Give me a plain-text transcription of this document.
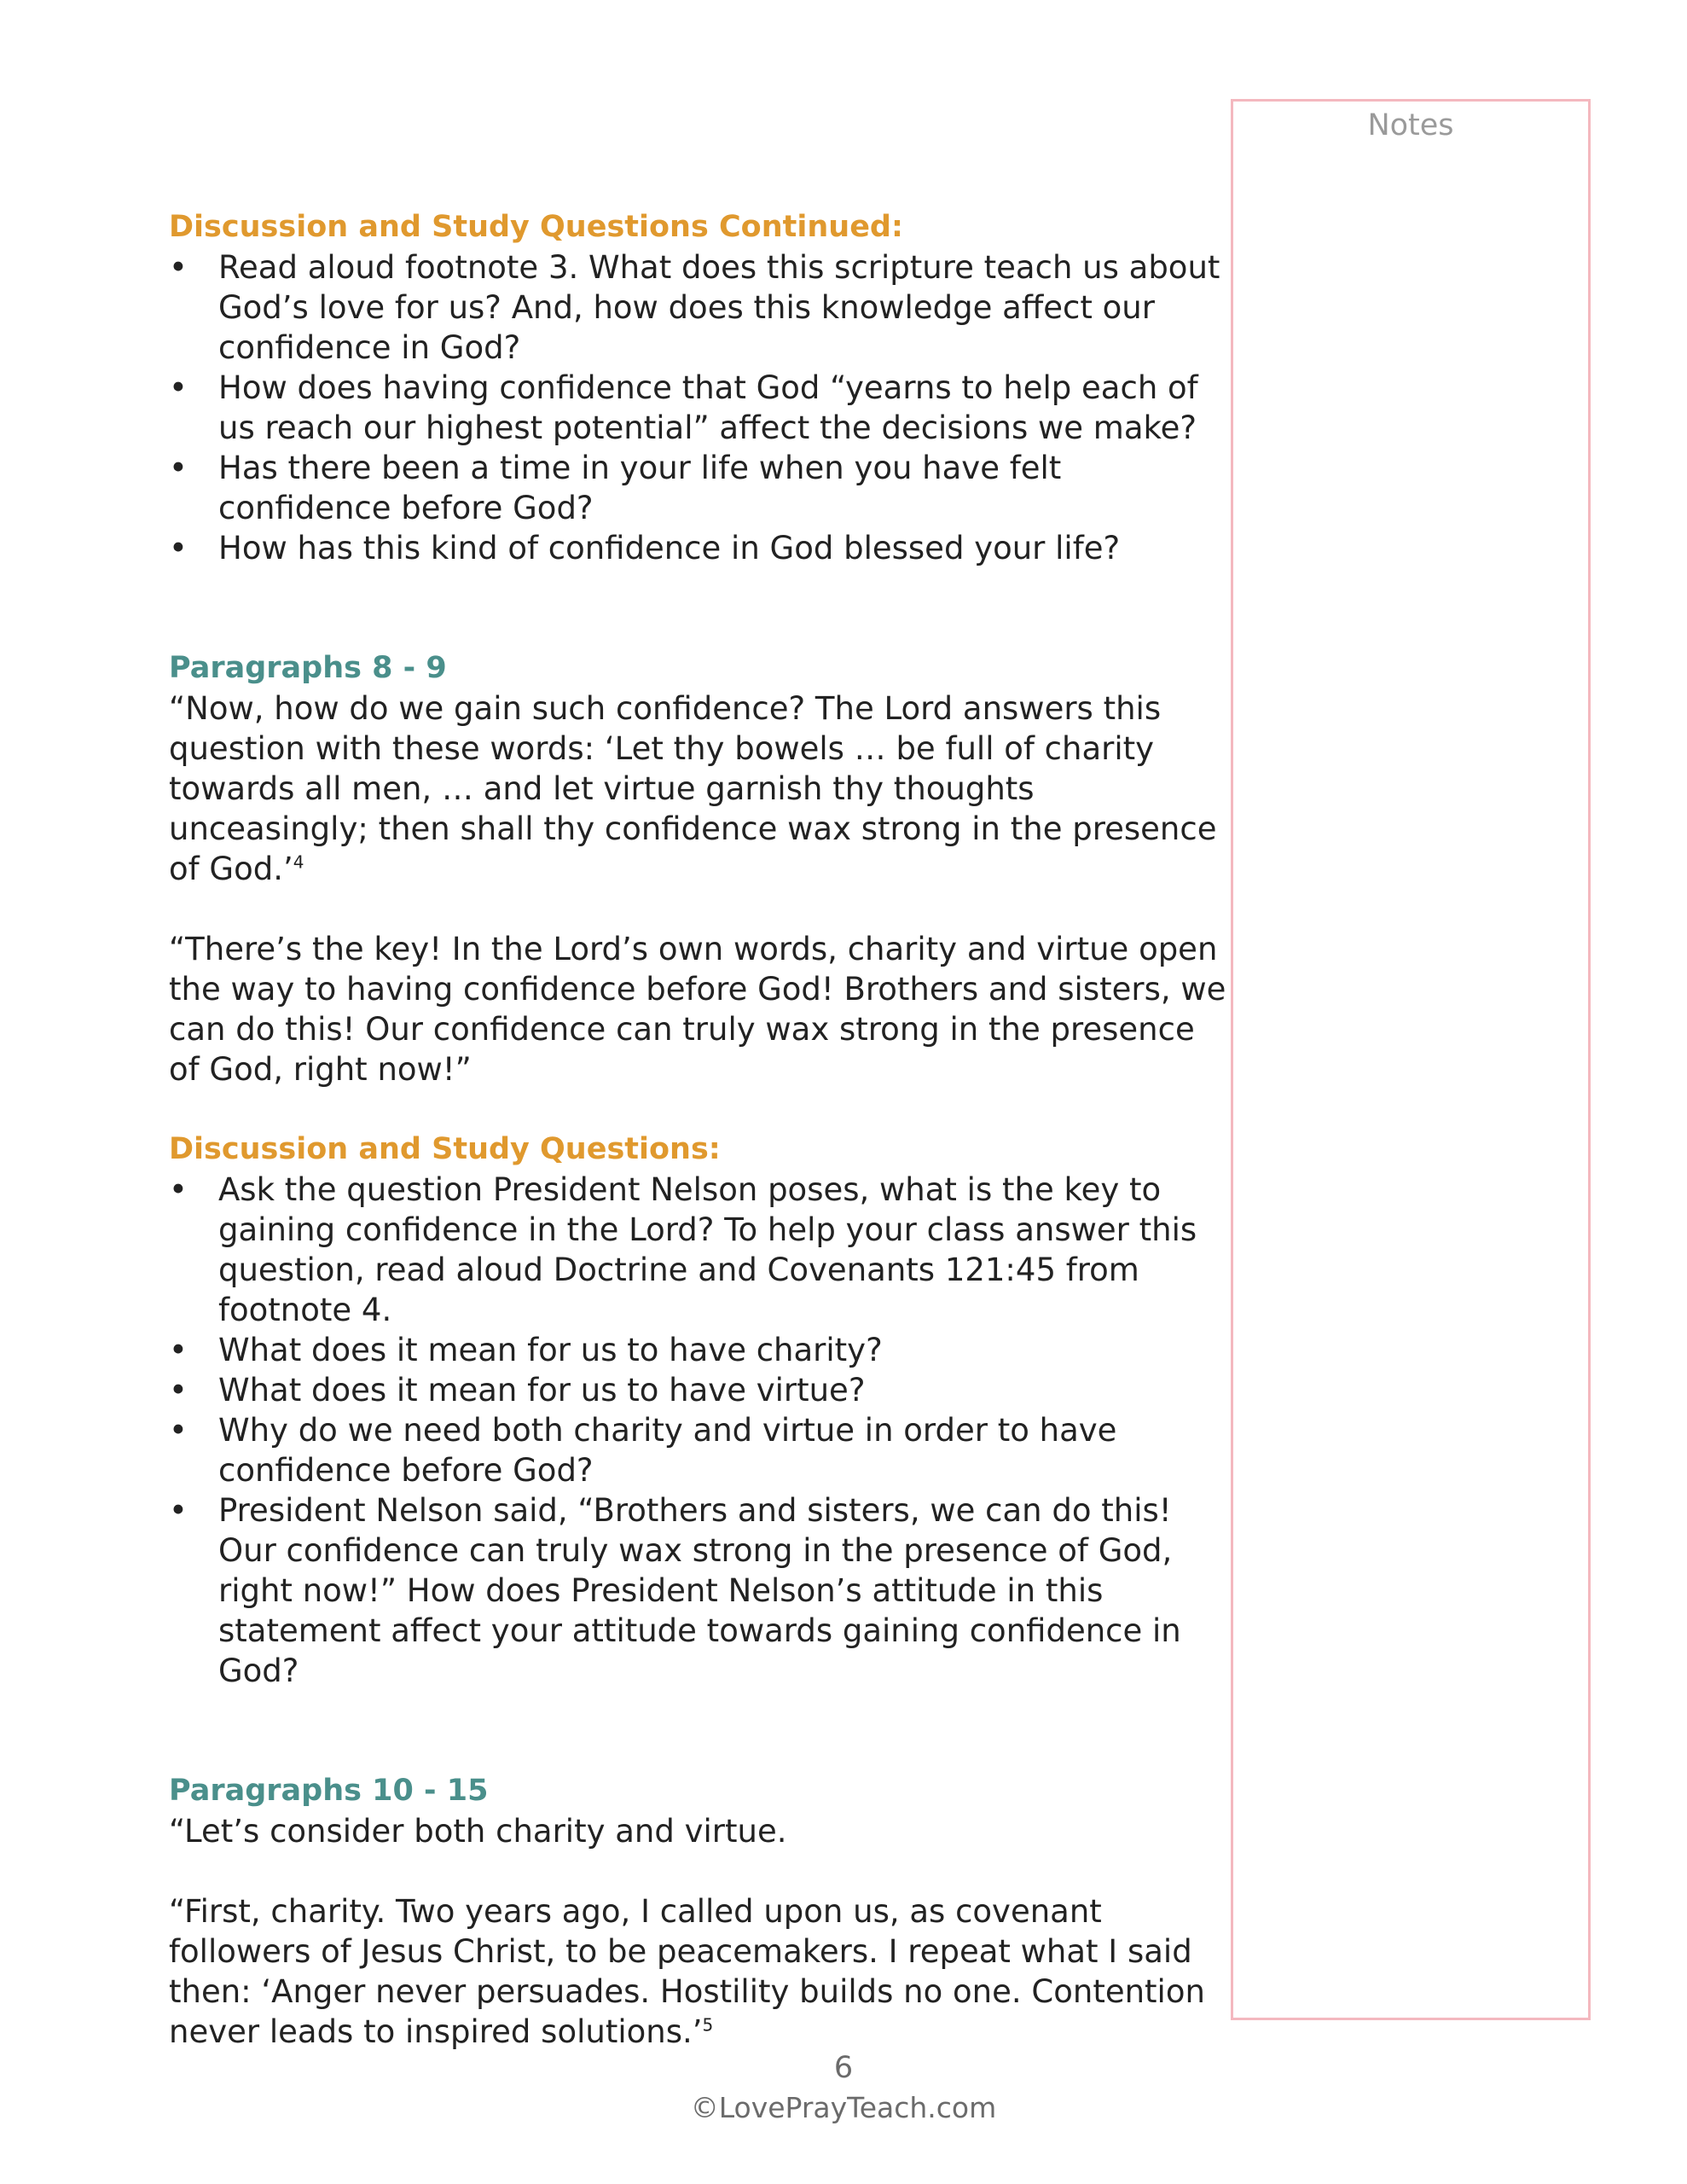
Notes

Discussion and Study Questions Continued:

• Read aloud footnote 3. What does this scripture teach us about God’s love for us? And, how does this knowledge affect our confidence in God?
• How does having confidence that God “yearns to help each of us reach our highest potential” affect the decisions we make?
• Has there been a time in your life when you have felt confidence before God?
• How has this kind of confidence in God blessed your life?

Paragraphs 8 - 9

“Now, how do we gain such confidence? The Lord answers this question with these words: ‘Let thy bowels … be full of charity towards all men, … and let virtue garnish thy thoughts unceasingly; then shall thy confidence wax strong in the presence of God.’$^4$

“There’s the key! In the Lord’s own words, charity and virtue open the way to having confidence before God! Brothers and sisters, we can do this! Our confidence can truly wax strong in the presence of God, right now!”

Discussion and Study Questions:

• Ask the question President Nelson poses, what is the key to gaining confidence in the Lord? To help your class answer this question, read aloud Doctrine and Covenants 121:45 from footnote 4.
• What does it mean for us to have charity?
• What does it mean for us to have virtue?
• Why do we need both charity and virtue in order to have confidence before God?
• President Nelson said, “Brothers and sisters, we can do this! Our confidence can truly wax strong in the presence of God, right now!” How does President Nelson’s attitude in this statement affect your attitude towards gaining confidence in God?

Paragraphs 10 - 15

“Let’s consider both charity and virtue.

“First, charity. Two years ago, I called upon us, as covenant followers of Jesus Christ, to be peacemakers. I repeat what I said then: ‘Anger never persuades. Hostility builds no one. Contention never leads to inspired solutions.’$^5$

6
©LovePrayTeach.com
